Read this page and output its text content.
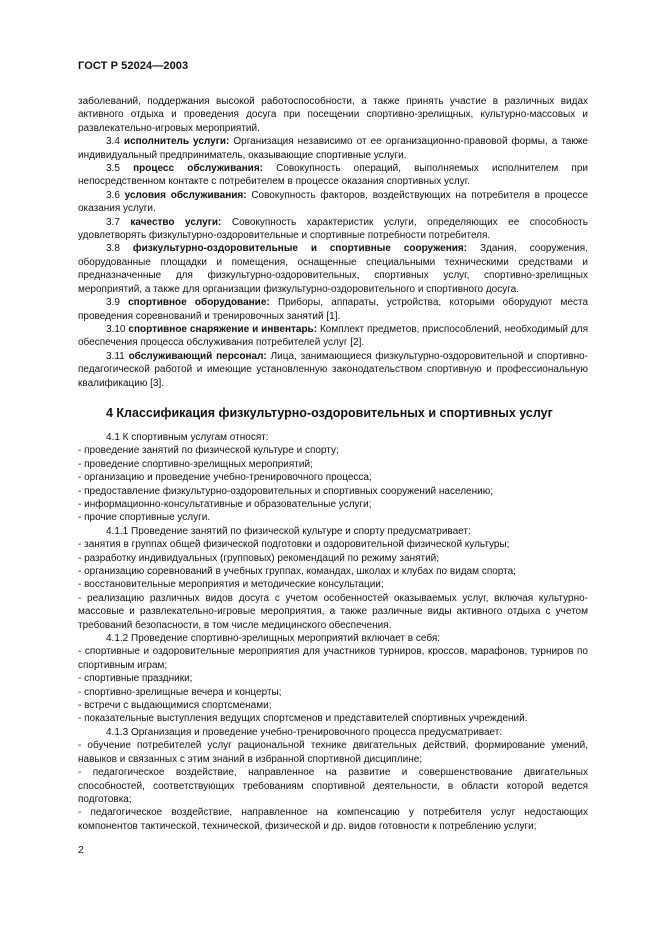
ГОСТ Р 52024—2003

заболеваний, поддержания высокой работоспособности, а также принять участие в различных видах активного отдыха и проведения досуга при посещении спортивно-зрелищных, культурно-массовых и развлекательно-игровых мероприятий.

3.4 исполнитель услуги: Организация независимо от ее организационно-правовой формы, а также индивидуальный предприниматель, оказывающие спортивные услуги.

3.5 процесс обслуживания: Совокупность операций, выполняемых исполнителем при непосредственном контакте с потребителем в процессе оказания спортивных услуг.

3.6 условия обслуживания: Совокупность факторов, воздействующих на потребителя в процессе оказания услуги.

3.7 качество услуги: Совокупность характеристик услуги, определяющих ее способность удовлетворять физкультурно-оздоровительные и спортивные потребности потребителя.

3.8 физкультурно-оздоровительные и спортивные сооружения: Здания, сооружения, оборудованные площадки и помещения, оснащенные специальными техническими средствами и предназначенные для физкультурно-оздоровительных, спортивных услуг, спортивно-зрелищных мероприятий, а также для организации физкультурно-оздоровительного и спортивного досуга.

3.9 спортивное оборудование: Приборы, аппараты, устройства, которыми оборудуют места проведения соревнований и тренировочных занятий [1].

3.10 спортивное снаряжение и инвентарь: Комплект предметов, приспособлений, необходимый для обеспечения процесса обслуживания потребителей услуг [2].

3.11 обслуживающий персонал: Лица, занимающиеся физкультурно-оздоровительной и спортивно-педагогической работой и имеющие установленную законодательством спортивную и профессиональную квалификацию [3].

4 Классификация физкультурно-оздоровительных и спортивных услуг

4.1 К спортивным услугам относят:

- проведение занятий по физической культуре и спорту;

- проведение спортивно-зрелищных мероприятий;

- организацию и проведение учебно-тренировочного процесса;

- предоставление физкультурно-оздоровительных и спортивных сооружений населению;

- информационно-консультативные и образовательные услуги;

- прочие спортивные услуги.

4.1.1 Проведение занятий по физической культуре и спорту предусматривает:

- занятия в группах общей физической подготовки и оздоровительной физической культуры;

- разработку индивидуальных (групповых) рекомендаций по режиму занятий;

- организацию соревнований в учебных группах, командах, школах и клубах по видам спорта;

- восстановительные мероприятия и методические консультации;

- реализацию различных видов досуга с учетом особенностей оказываемых услуг, включая культурно-массовые и развлекательно-игровые мероприятия, а также различные виды активного отдыха с учетом требований безопасности, в том числе медицинского обеспечения.

4.1.2 Проведение спортивно-зрелищных мероприятий включает в себя:

- спортивные и оздоровительные мероприятия для участников турниров, кроссов, марафонов, турниров по спортивным играм;

- спортивные праздники;

- спортивно-зрелищные вечера и концерты;

- встречи с выдающимися спортсменами;

- показательные выступления ведущих спортсменов и представителей спортивных учреждений.

4.1.3 Организация и проведение учебно-тренировочного процесса предусматривает:

- обучение потребителей услуг рациональной технике двигательных действий, формирование умений, навыков и связанных с этим знаний в избранной спортивной дисциплине;

- педагогическое воздействие, направленное на развитие и совершенствование двигательных способностей, соответствующих требованиям спортивной деятельности, в области которой ведется подготовка;

- педагогическое воздействие, направленное на компенсацию у потребителя услуг недостающих компонентов тактической, технической, физической и др. видов готовности к потреблению услуги;

2
